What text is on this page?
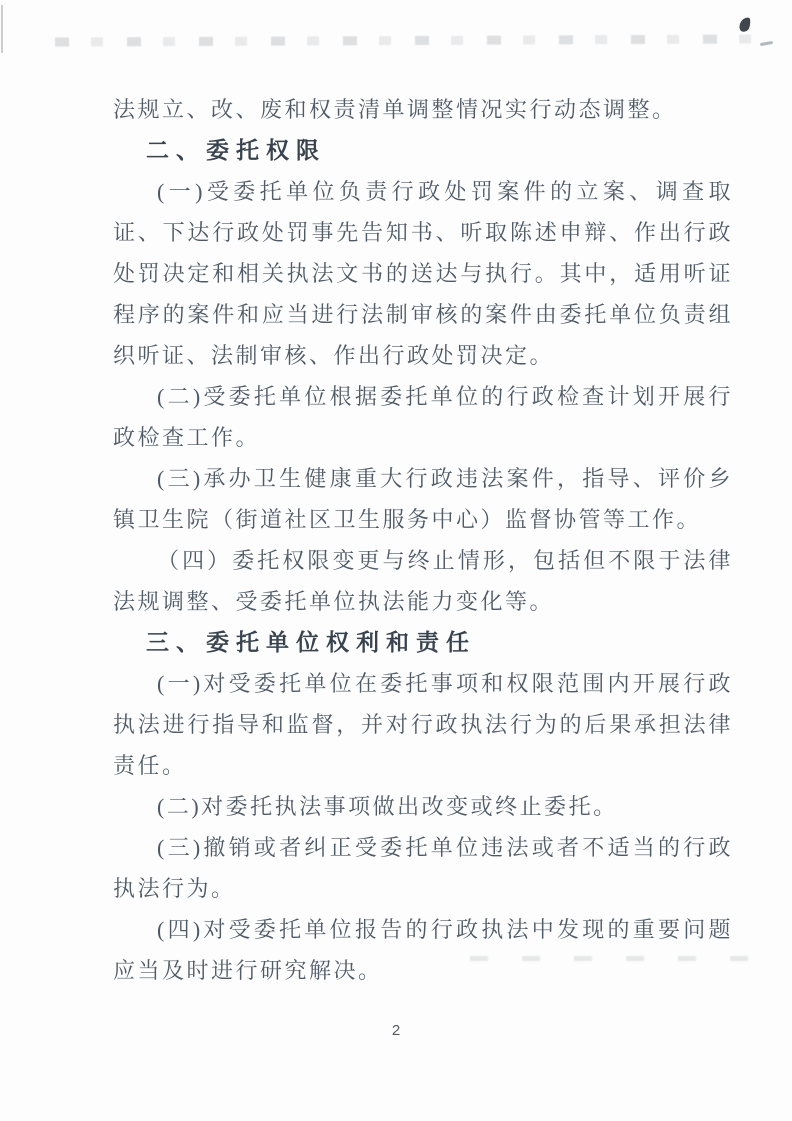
法规立、改、废和权责清单调整情况实行动态调整。
二、委托权限
(一)受委托单位负责行政处罚案件的立案、调查取证、下达行政处罚事先告知书、听取陈述申辩、作出行政处罚决定和相关执法文书的送达与执行。其中，适用听证程序的案件和应当进行法制审核的案件由委托单位负责组织听证、法制审核、作出行政处罚决定。
(二)受委托单位根据委托单位的行政检查计划开展行政检查工作。
(三)承办卫生健康重大行政违法案件，指导、评价乡镇卫生院（街道社区卫生服务中心）监督协管等工作。
（四）委托权限变更与终止情形，包括但不限于法律法规调整、受委托单位执法能力变化等。
三、委托单位权利和责任
(一)对受委托单位在委托事项和权限范围内开展行政执法进行指导和监督，并对行政执法行为的后果承担法律责任。
(二)对委托执法事项做出改变或终止委托。
(三)撤销或者纠正受委托单位违法或者不适当的行政执法行为。
(四)对受委托单位报告的行政执法中发现的重要问题应当及时进行研究解决。
2
